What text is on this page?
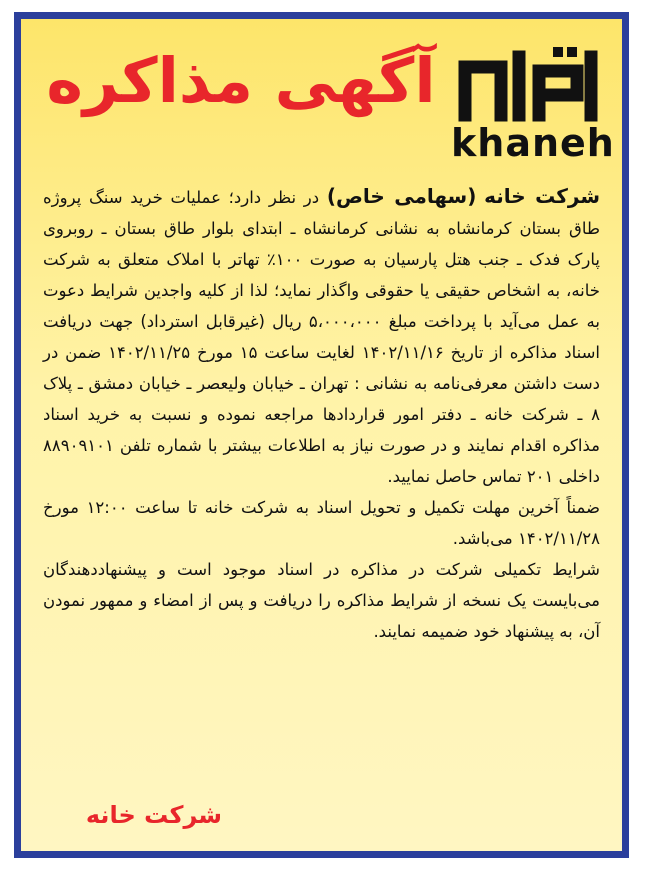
khaneh
آگهی مذاکره

شرکت خانه (سهامی خاص) در نظر دارد؛ عملیات خرید سنگ پروژه طاق بستان کرمانشاه به نشانی کرمانشاه ـ ابتدای بلوار طاق بستان ـ روبروی پارک فدک ـ جنب هتل پارسیان به صورت ۱۰۰٪ تهاتر با املاک متعلق به شرکت خانه، به اشخاص حقیقی یا حقوقی واگذار نماید؛ لذا از کلیه واجدین شرایط دعوت به عمل می‌آید با پرداخت مبلغ ۵،۰۰۰،۰۰۰ ریال (غیرقابل استرداد) جهت دریافت اسناد مذاکره از تاریخ ۱۴۰۲/۱۱/۱۶ لغایت ساعت ۱۵ مورخ ۱۴۰۲/۱۱/۲۵ ضمن در دست داشتن معرفی‌نامه به نشانی : تهران ـ خیابان ولیعصر ـ خیابان دمشق ـ پلاک ۸ ـ شرکت خانه ـ دفتر امور قراردادها مراجعه نموده و نسبت به خرید اسناد مذاکره اقدام نمایند و در صورت نیاز به اطلاعات بیشتر با شماره تلفن ۸۸۹۰۹۱۰۱ داخلی ۲۰۱ تماس حاصل نمایید.

ضمناً آخرین مهلت تکمیل و تحویل اسناد به شرکت خانه تا ساعت ۱۲:۰۰ مورخ ۱۴۰۲/۱۱/۲۸ می‌باشد.

شرایط تکمیلی شرکت در مذاکره در اسناد موجود است و پیشنهاددهندگان می‌بایست یک نسخه از شرایط مذاکره را دریافت و پس از امضاء و ممهور نمودن آن، به پیشنهاد خود ضمیمه نمایند.

شرکت خانه
